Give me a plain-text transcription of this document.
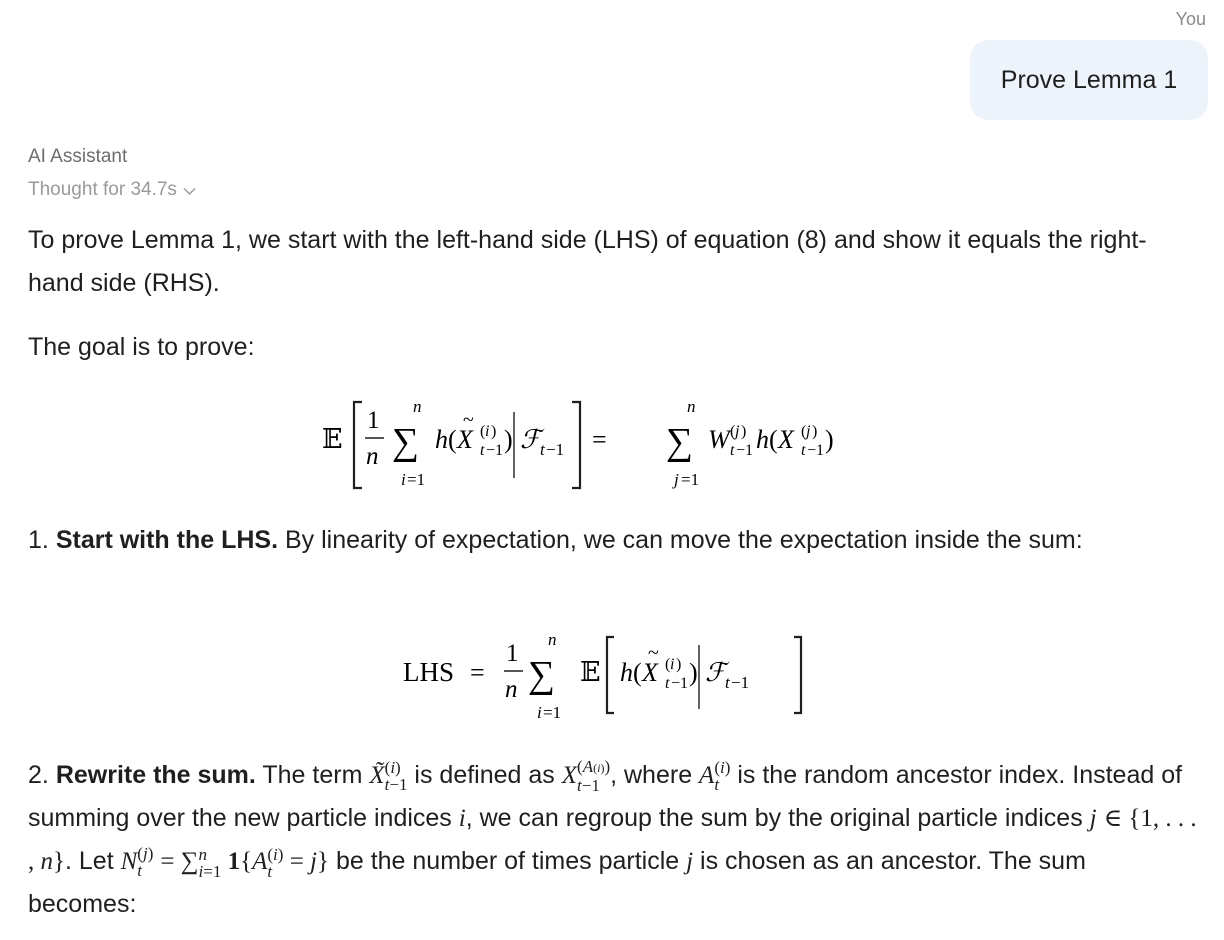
You
Prove Lemma 1
AI Assistant
Thought for 34.7s
To prove Lemma 1, we start with the left-hand side (LHS) of equation (8) and show it equals the right-hand side (RHS).
The goal is to prove:
𝔼
1
n
n
∑
i =1
h ( X
~
( i )
t −1 ) ℱ t −1 =
n
∑
j =1
W ( j )
t −1 h ( X ( j )
t −1 )
1. Start with the LHS. By linearity of expectation, we can move the expectation inside the sum:
LHS =
1
n
n
∑
i =1
𝔼 h ( X
~
( i )
t −1 ) ℱ t −1
2. Rewrite the sum. The term X̃ (i)
t−1 is defined as X (A(i))
t−1 , where A (i)
t is the random ancestor index. Instead of summing over the new particle indices i, we can regroup the sum by the original particle indices j ∈ {1, . . . , n}. Let N (j)
t = ∑ n
i=1 1{A (i)
t = j} be the number of times particle j is chosen as an ancestor. The sum becomes:
